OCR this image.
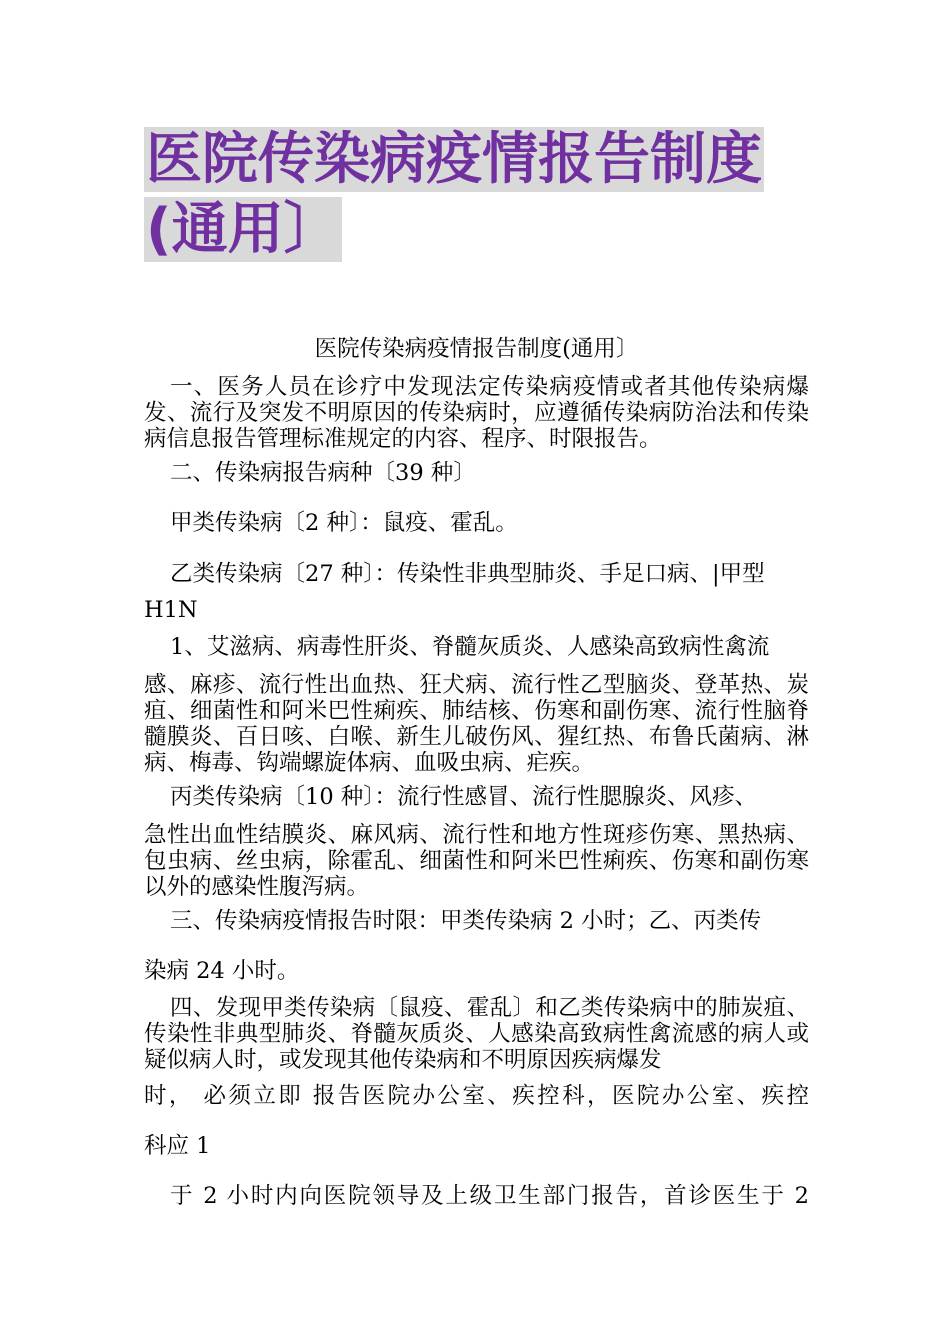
医院传染病疫情报告制度
(通用〕
医院传染病疫情报告制度(通用〕
一、医务人员在诊疗中发现法定传染病疫情或者其他传染病爆发、流行及突发不明原因的传染病时，应遵循传染病防治法和传染病信息报告管理标准规定的内容、程序、时限报告。
二、传染病报告病种〔39 种〕
甲类传染病〔2 种〕：鼠疫、霍乱。
乙类传染病〔27 种〕：传染性非典型肺炎、手足口病、|甲型
H1N
1、艾滋病、病毒性肝炎、脊髓灰质炎、人感染高致病性禽流
感、麻疹、流行性出血热、狂犬病、流行性乙型脑炎、登革热、炭疽、细菌性和阿米巴性痢疾、肺结核、伤寒和副伤寒、流行性脑脊髓膜炎、百日咳、白喉、新生儿破伤风、猩红热、布鲁氏菌病、淋病、梅毒、钩端螺旋体病、血吸虫病、疟疾。
丙类传染病〔10 种〕：流行性感冒、流行性腮腺炎、风疹、
急性出血性结膜炎、麻风病、流行性和地方性斑疹伤寒、黑热病、包虫病、丝虫病，除霍乱、细菌性和阿米巴性痢疾、伤寒和副伤寒以外的感染性腹泻病。
三、传染病疫情报告时限：甲类传染病 2 小时；乙、丙类传
染病 24 小时。
四、发现甲类传染病〔鼠疫、霍乱〕和乙类传染病中的肺炭疽、传染性非典型肺炎、脊髓灰质炎、人感染高致病性禽流感的病人或疑似病人时，或发现其他传染病和不明原因疾病爆发
时， 必须立即 报告医院办公室、疾控科，医院办公室、疾控
科应 1
于 2 小时内向医院领导及上级卫生部门报告，首诊医生于 2
